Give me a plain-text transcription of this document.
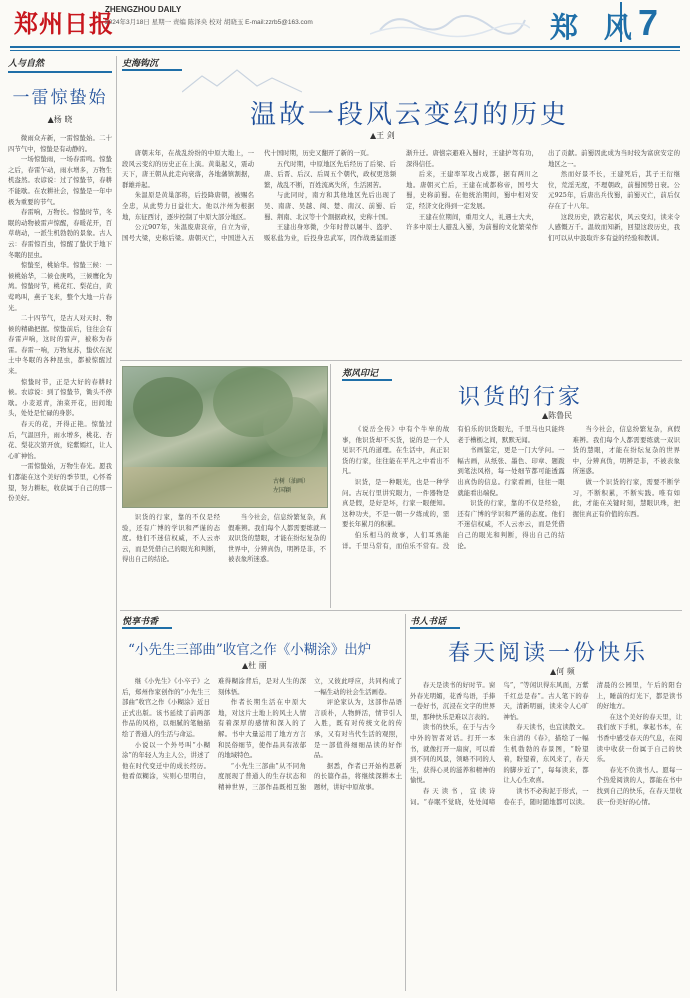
郑州日报
ZHENGZHOU DAILY
2024年3月18日 星期一 责编 陈泽央 校对 胡晓玉 E-mail:zzrb5@163.com	郑 风
7
人与自然
一雷惊蛰始
▲杨 晓

微雨众卉新，一雷惊蛰始。二十四节气中，惊蛰是有动静的。

一场惊蛰雨，一场春雷鸣。惊蛰之后，春雷乍动，雨水增多，万物生机盎然。农谚说：过了惊蛰节，春耕不能歇。在农耕社会，惊蛰是一年中极为重要的节气。

春雷响，万物长。惊蛰时节，冬眠的动物被雷声惊醒，春暖花开，百草萌动，一派生机勃勃的景象。古人云：春雷惊百虫，惊醒了蛰伏于地下冬眠的昆虫。

惊蛰至，桃始华。惊蛰三候：一候桃始华，二候仓庚鸣，三候鹰化为鸠。惊蛰时节，桃花红、梨花白，黄莺鸣叫，燕子飞来，整个大地一片春光。

二十四节气，是古人对天时、物候的精确把握。惊蛰前后，往往会有春雷声响，这时的雷声，被称为春雷。春雷一响，万物复苏，蛰伏在泥土中冬眠的各种昆虫，都被惊醒过来。

惊蛰时节，正是大好的春耕时候。农谚说：到了惊蛰节，锄头不停歇。小麦返青，油菜开花，田间地头，处处是忙碌的身影。

春天的花，开得正艳。惊蛰过后，气温回升，雨水增多，桃花、杏花、梨花次第开放，姹紫嫣红，让人心旷神怡。

一雷惊蛰始，万物生春光。愿我们都能在这个美好的季节里，心怀希望，努力耕耘，收获属于自己的那一份美好。

史海钩沉
温故一段风云变幻的历史
▲王 剑

唐朝末年，在战乱纷纷的中原大地上，一段风云变幻的历史正在上演。黄巢起义，震动天下，唐王朝从此走向衰落，各地藩镇割据，群雄并起。

朱温原是黄巢部将，后投降唐朝，被赐名全忠，从此势力日益壮大。他以汴州为根据地，东征西讨，逐步控制了中原大部分地区。

公元907年，朱温废唐哀帝，自立为帝，国号大梁，史称后梁。唐朝灭亡，中国进入五代十国时期，历史又翻开了新的一页。

五代时期，中原地区先后经历了后梁、后唐、后晋、后汉、后周五个朝代，政权更迭频繁，战乱不断，百姓流离失所，生活困苦。

与此同时，南方和其他地区先后出现了吴、南唐、吴越、闽、楚、南汉、前蜀、后蜀、荆南、北汉等十个割据政权，史称十国。

王建出身寒微，少年时曾以屠牛、盗驴、贩私盐为业，后投身忠武军，因作战勇猛而逐渐升迁。唐僖宗避难入蜀时，王建护驾有功，深得信任。

后来，王建率军攻占成都，据有两川之地。唐朝灭亡后，王建在成都称帝，国号大蜀，史称前蜀。在他统治期间，蜀中相对安定，经济文化得到一定发展。

王建在位期间，重用文人，礼遇士大夫，许多中原士人避乱入蜀，为前蜀的文化繁荣作出了贡献。前蜀因此成为当时较为富庶安定的地区之一。

然而好景不长，王建死后，其子王衍继位，荒淫无度，不理朝政，前蜀国势日衰。公元925年，后唐出兵伐蜀，前蜀灭亡，前后仅存在了十八年。

这段历史，跌宕起伏，风云变幻，读来令人感慨万千。温故而知新，回望这段历史，我们可以从中汲取许多有益的经验和教训。

古树（油画）
左国颖
郑风印记
识货的行家
▲陈鲁民

《说岳全传》中有个牛皋的故事，他识货却不买货，说的是一个人见识不凡的道理。在生活中，真正识货的行家，往往能在平凡之中看出不凡。

识货，是一种眼光，也是一种学问。古玩行里讲究眼力，一件器物是真是假，是好是坏，行家一眼便知。这种功夫，不是一朝一夕练成的，需要长年累月的积累。

伯乐相马的故事，人们耳熟能详。千里马常有，而伯乐不常有。没有伯乐的识货眼光，千里马也只能终老于槽枥之间，默默无闻。

书画鉴定，更是一门大学问。一幅古画，从纸张、墨色、印章、题跋到笔法风格，每一处细节都可能透露出真伪的信息。行家看画，往往一眼就能看出端倪。

识货的行家，靠的不仅是经验，还有广博的学识和严谨的态度。他们不迷信权威，不人云亦云，而是凭借自己的眼光和判断，得出自己的结论。

当今社会，信息纷繁复杂，真假难辨。我们每个人都需要练就一双识货的慧眼，才能在纷纭复杂的世界中，分辨真伪，明辨是非，不被表象所迷惑。

做一个识货的行家，需要不断学习，不断积累，不断实践。唯有如此，才能在关键时刻，慧眼识珠，把握住真正有价值的东西。

识货的行家，靠的不仅是经验，还有广博的学识和严谨的态度。他们不迷信权威，不人云亦云，而是凭借自己的眼光和判断，得出自己的结论。

当今社会，信息纷繁复杂，真假难辨。我们每个人都需要练就一双识货的慧眼，才能在纷纭复杂的世界中，分辨真伪，明辨是非，不被表象所迷惑。

悦享书香
“小先生三部曲”收官之作《小糊涂》出炉
▲杜 丽

继《小先生》《小卒子》之后，郑州作家创作的“小先生三部曲”收官之作《小糊涂》近日正式出版。该书延续了前两部作品的风格，以细腻的笔触描绘了普通人的生活与命运。

小说以一个外号叫“小糊涂”的年轻人为主人公，讲述了他在时代变迁中的成长经历。他看似糊涂，实则心里明白，难得糊涂背后，是对人生的深刻体悟。

作者长期生活在中原大地，对这片土地上的风土人情有着深厚的感情和深入的了解。书中大量运用了地方方言和民俗细节，使作品具有浓郁的地域特色。

“小先生三部曲”从不同角度展现了普通人的生存状态和精神世界，三部作品既相互独立，又彼此呼应，共同构成了一幅生动的社会生活画卷。

评论家认为，这部作品语言质朴，人物鲜活，情节引人入胜，既有对传统文化的传承，又有对当代生活的观照，是一部值得细细品读的好作品。

据悉，作者已开始构思新的长篇作品，将继续深耕本土题材，讲好中原故事。

书人书话
春天阅读一份快乐
▲何 频

春天是读书的好时节。窗外春光明媚，花香鸟语，手捧一卷好书，沉浸在文字的世界里，那种快乐是难以言表的。

读书的快乐，在于与古今中外的智者对话。打开一本书，就像打开一扇窗，可以看到不同的风景，领略不同的人生，获得心灵的滋养和精神的愉悦。

春天读书，宜读诗词。“春眠不觉晓，处处闻啼鸟”，“等闲识得东风面，万紫千红总是春”。古人笔下的春天，清新明丽，读来令人心旷神怡。

春天读书，也宜读散文。朱自清的《春》，描绘了一幅生机勃勃的春景图，“盼望着，盼望着，东风来了，春天的脚步近了”，每每读来，都让人心生欢喜。

读书不必拘泥于形式，一卷在手，随时随地都可以读。清晨的公园里，午后的阳台上，睡前的灯光下，都是读书的好地方。

在这个美好的春天里，让我们放下手机，拿起书本，在书香中感受春天的气息，在阅读中收获一份属于自己的快乐。

春光不负读书人。愿每一个热爱阅读的人，都能在书中找到自己的快乐，在春天里收获一份美好的心情。
